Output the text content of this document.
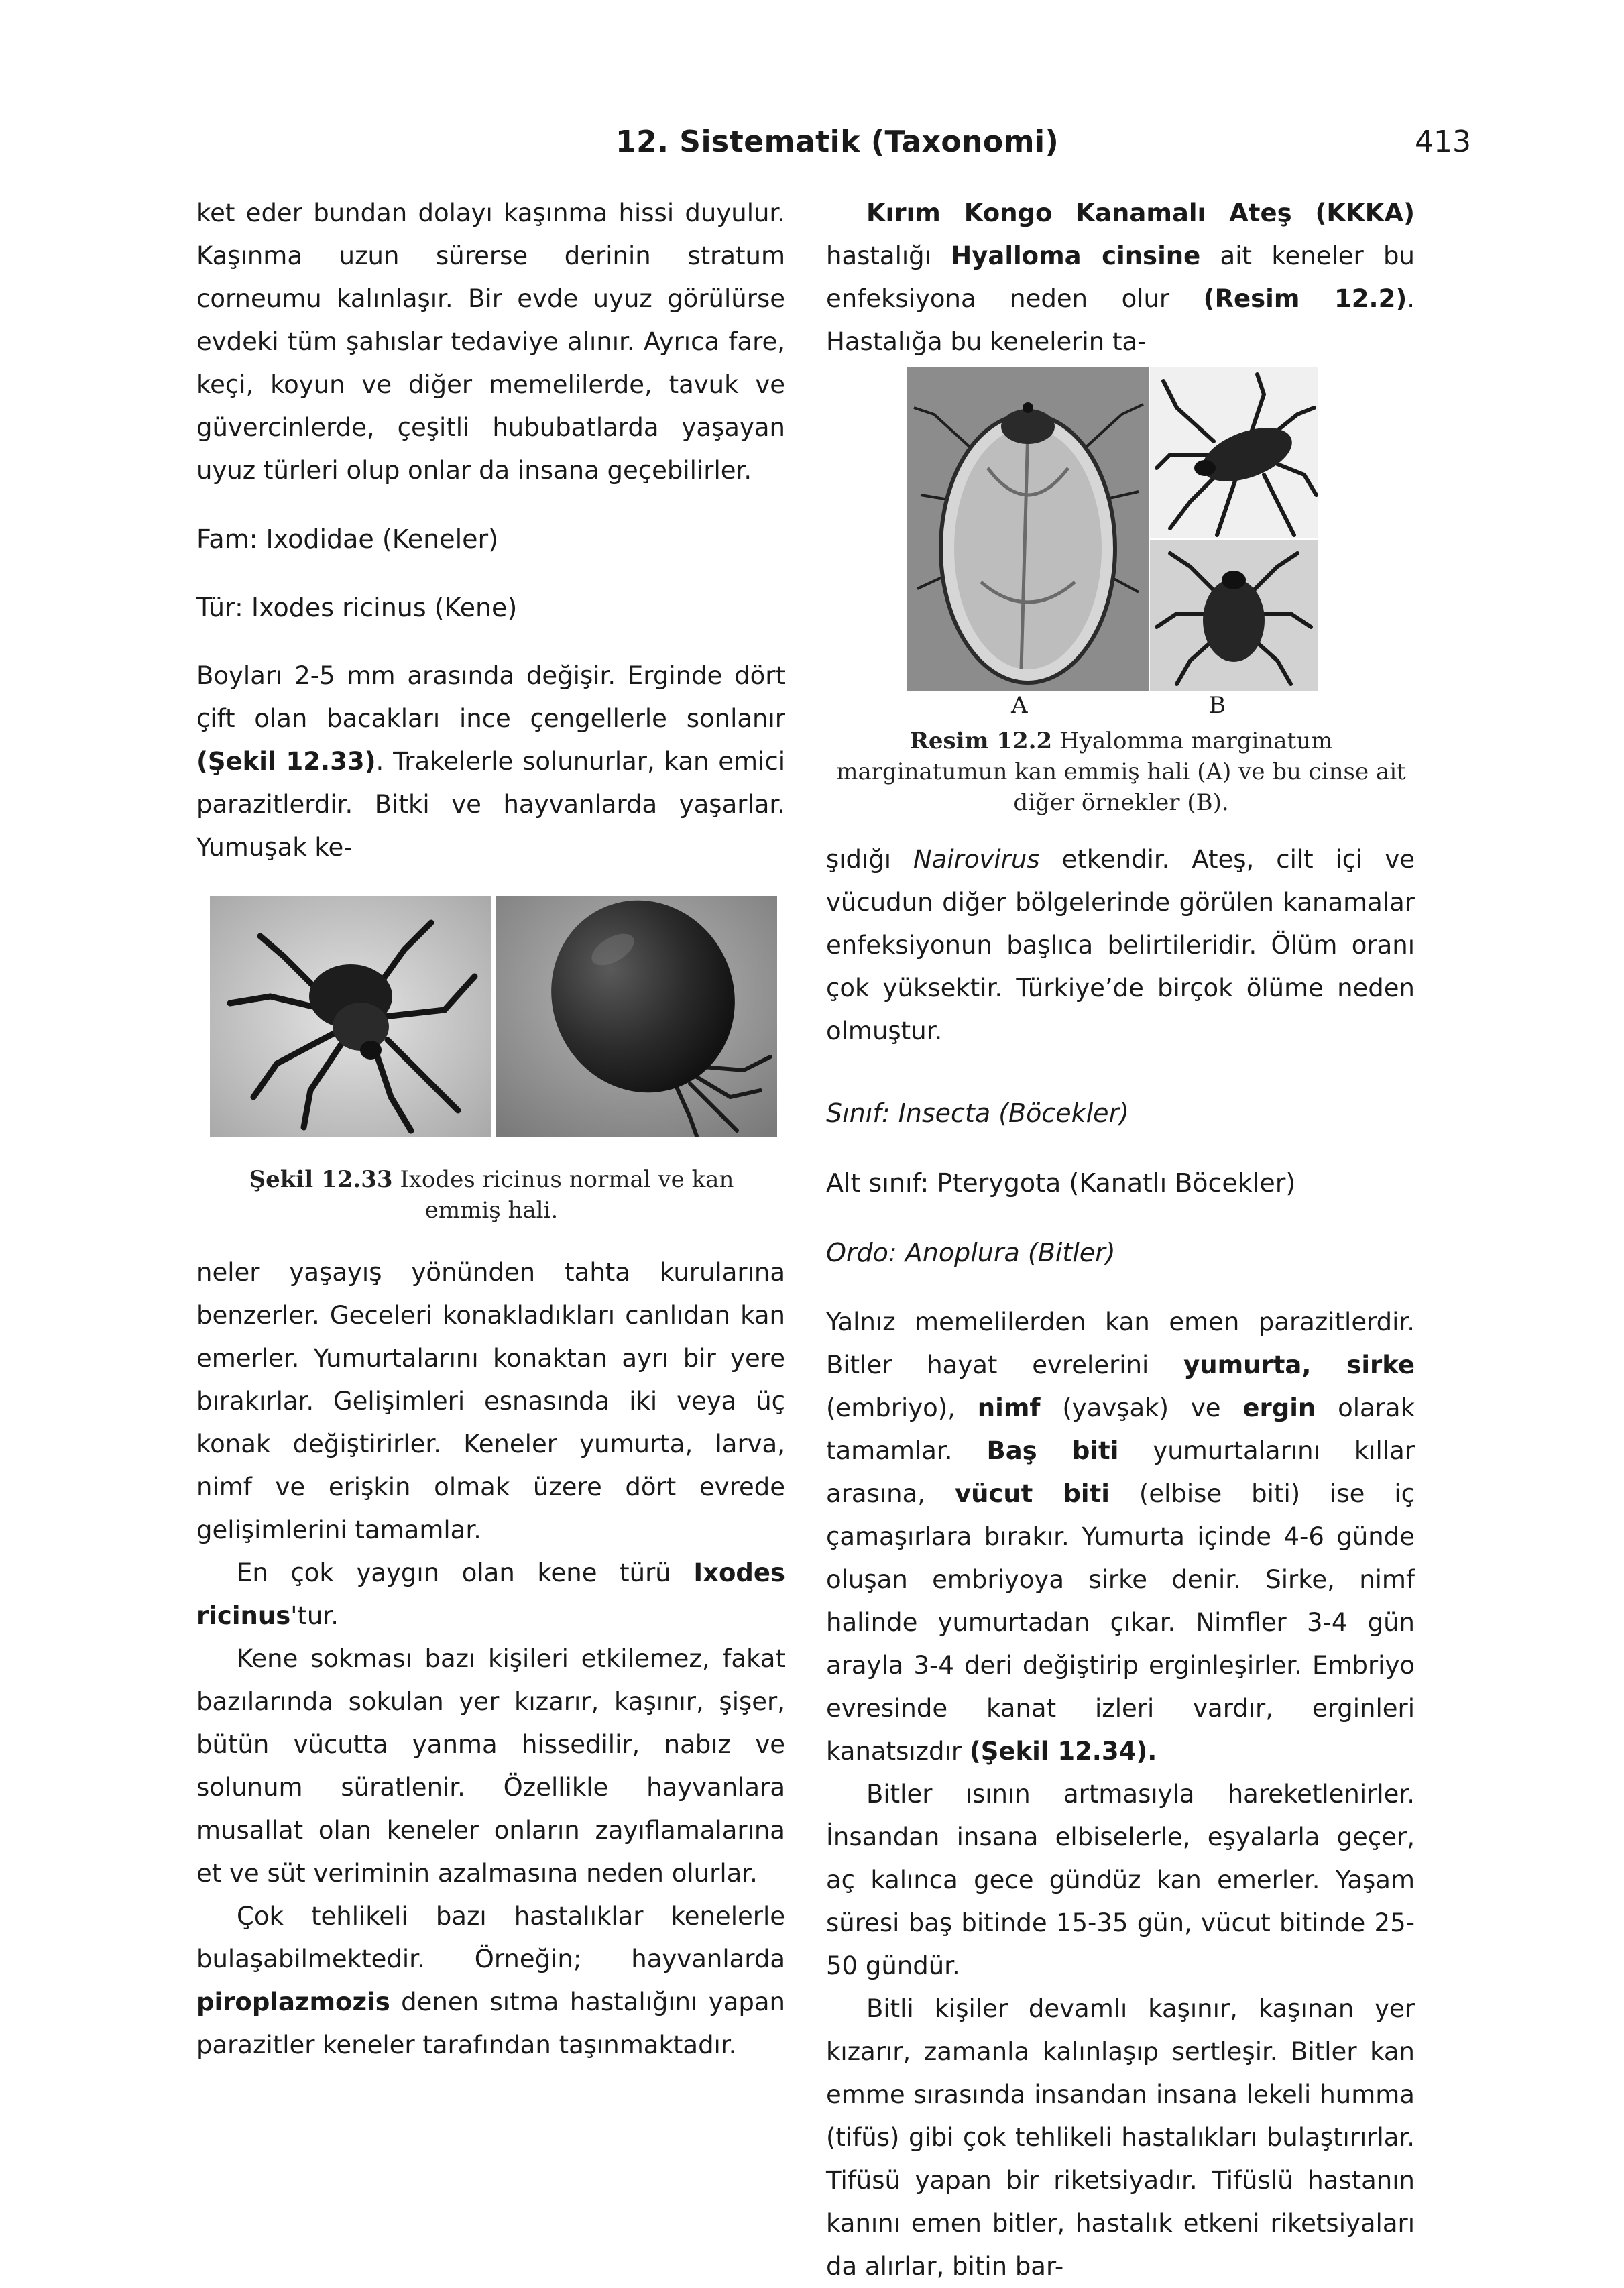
12. Sistematik (Taxonomi)	413

ket eder bundan dolayı kaşınma hissi duyulur. Kaşınma uzun sürerse derinin stratum corneumu kalınlaşır. Bir evde uyuz görülürse evdeki tüm şahıslar tedaviye alınır. Ayrıca fare, keçi, koyun ve diğer memelilerde, tavuk ve güvercinlerde, çeşitli hububatlarda yaşayan uyuz türleri olup onlar da insana geçebilirler.

Fam: Ixodidae (Keneler)

Tür: Ixodes ricinus (Kene)

Boyları 2-5 mm arasında değişir. Erginde dört çift olan bacakları ince çengellerle sonlanır (Şekil 12.33). Trakelerle solunurlar, kan emici parazitlerdir. Bitki ve hayvanlarda yaşarlar. Yumuşak ke-

Şekil 12.33 Ixodes ricinus normal ve kan emmiş hali.

neler yaşayış yönünden tahta kurularına benzerler. Geceleri konakladıkları canlıdan kan emerler. Yumurtalarını konaktan ayrı bir yere bırakırlar. Gelişimleri esnasında iki veya üç konak değiştirirler. Keneler yumurta, larva, nimf ve erişkin olmak üzere dört evrede gelişimlerini tamamlar.

En çok yaygın olan kene türü Ixodes ricinus'tur.

Kene sokması bazı kişileri etkilemez, fakat bazılarında sokulan yer kızarır, kaşınır, şişer, bütün vücutta yanma hissedilir, nabız ve solunum süratlenir. Özellikle hayvanlara musallat olan keneler onların zayıflamalarına et ve süt veriminin azalmasına neden olurlar.

Çok tehlikeli bazı hastalıklar kenelerle bulaşabilmektedir. Örneğin; hayvanlarda piroplazmozis denen sıtma hastalığını yapan parazitler keneler tarafından taşınmaktadır.

Kırım Kongo Kanamalı Ateş (KKKA) hastalığı Hyalloma cinsine ait keneler bu enfeksiyona neden olur (Resim 12.2). Hastalığa bu kenelerin ta-

A	B
Resim 12.2 Hyalomma marginatum marginatumun kan emmiş hali (A) ve bu cinse ait diğer örnekler (B).

şıdığı Nairovirus etkendir. Ateş, cilt içi ve vücudun diğer bölgelerinde görülen kanamalar enfeksiyonun başlıca belirtileridir. Ölüm oranı çok yüksektir. Türkiye’de birçok ölüme neden olmuştur.

Sınıf: Insecta (Böcekler)

Alt sınıf: Pterygota (Kanatlı Böcekler)

Ordo: Anoplura (Bitler)

Yalnız memelilerden kan emen parazitlerdir. Bitler hayat evrelerini yumurta, sirke (embriyo), nimf (yavşak) ve ergin olarak tamamlar. Baş biti yumurtalarını kıllar arasına, vücut biti (elbise biti) ise iç çamaşırlara bırakır. Yumurta içinde 4-6 günde oluşan embriyoya sirke denir. Sirke, nimf halinde yumurtadan çıkar. Nimfler 3-4 gün arayla 3-4 deri değiştirip erginleşirler. Embriyo evresinde kanat izleri vardır, erginleri kanatsızdır (Şekil 12.34).

Bitler ısının artmasıyla hareketlenirler. İnsandan insana elbiselerle, eşyalarla geçer, aç kalınca gece gündüz kan emerler. Yaşam süresi baş bitinde 15-35 gün, vücut bitinde 25-50 gündür.

Bitli kişiler devamlı kaşınır, kaşınan yer kızarır, zamanla kalınlaşıp sertleşir. Bitler kan emme sırasında insandan insana lekeli humma (tifüs) gibi çok tehlikeli hastalıkları bulaştırırlar. Tifüsü yapan bir riketsiyadır. Tifüslü hastanın kanını emen bitler, hastalık etkeni riketsiyaları da alırlar, bitin bar-
